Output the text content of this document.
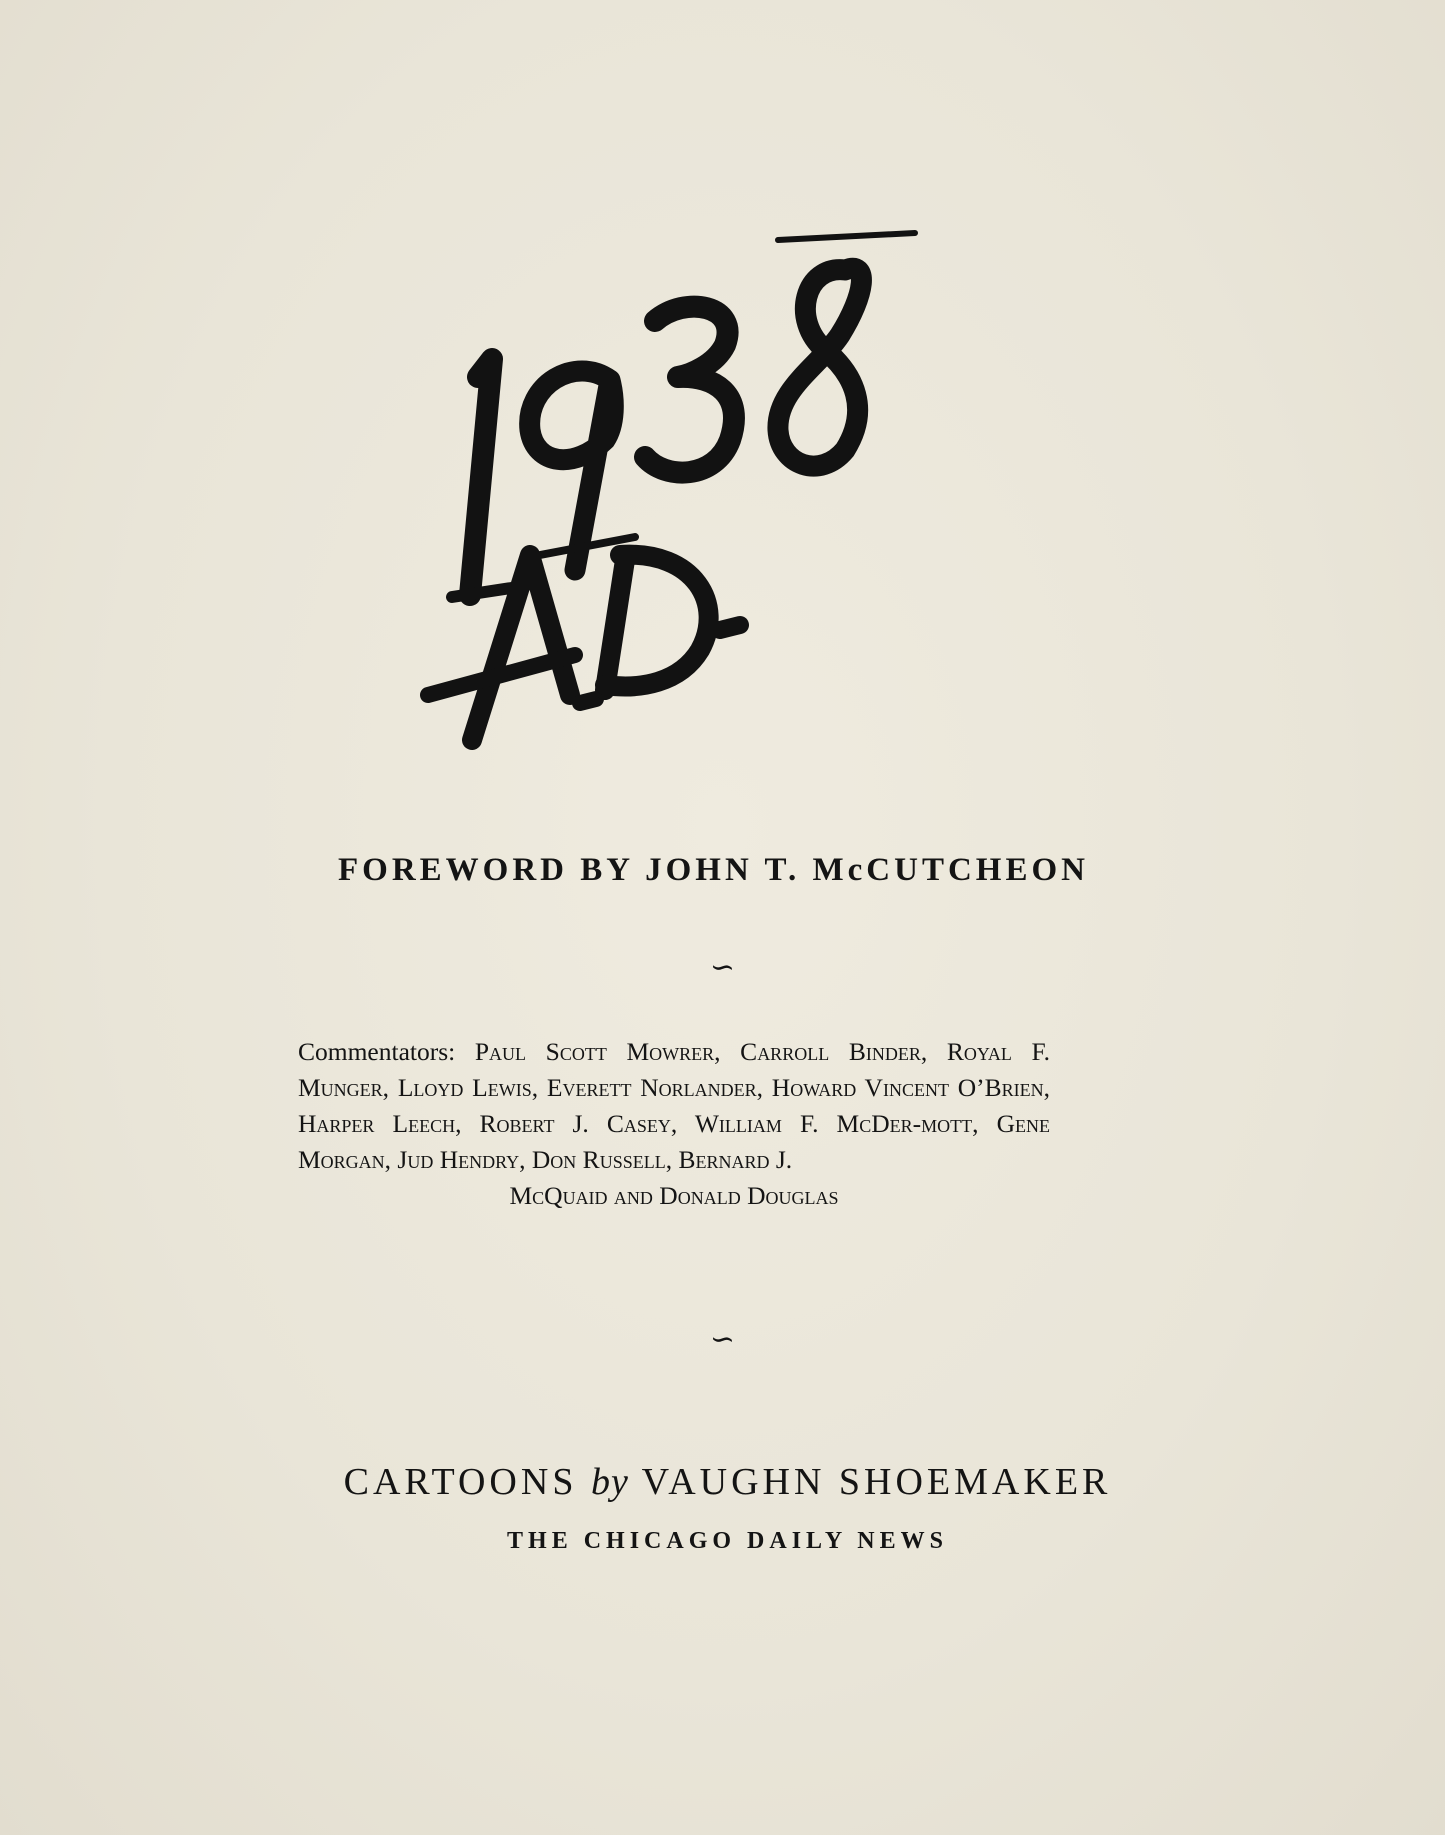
FOREWORD BY JOHN T. McCUTCHEON
∽
Commentators: Paul Scott Mowrer, Carroll Binder, Royal F. Munger, Lloyd Lewis, Everett Norlander, Howard Vincent O’Brien, Harper Leech, Robert J. Casey, William F. McDer-mott, Gene Morgan, Jud Hendry, Don Russell, Bernard J.
McQuaid and Donald Douglas
∽
CARTOONS by VAUGHN SHOEMAKER
THE CHICAGO DAILY NEWS
